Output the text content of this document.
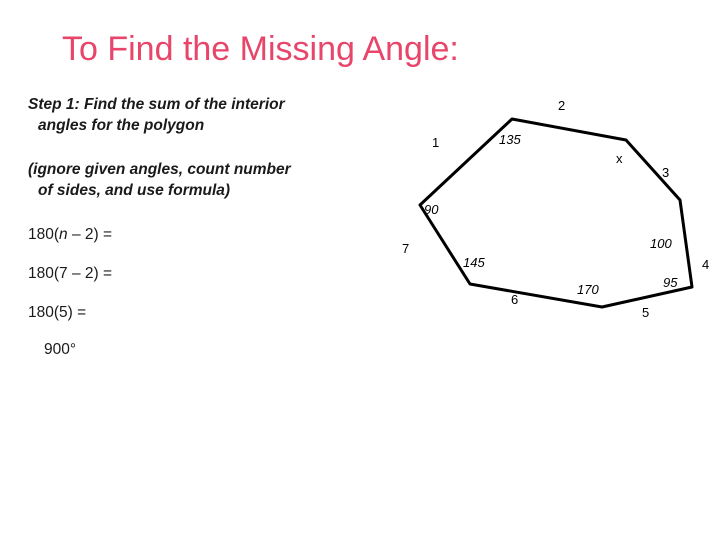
To Find the Missing Angle:
Step 1: Find the sum of the interior
angles for the polygon
(ignore given angles, count number
of sides, and use formula)
180(n – 2) =
180(7 – 2) =
180(5) =
900°
1
2
3
4
5
6
7
135
x
90
100
95
170
145
